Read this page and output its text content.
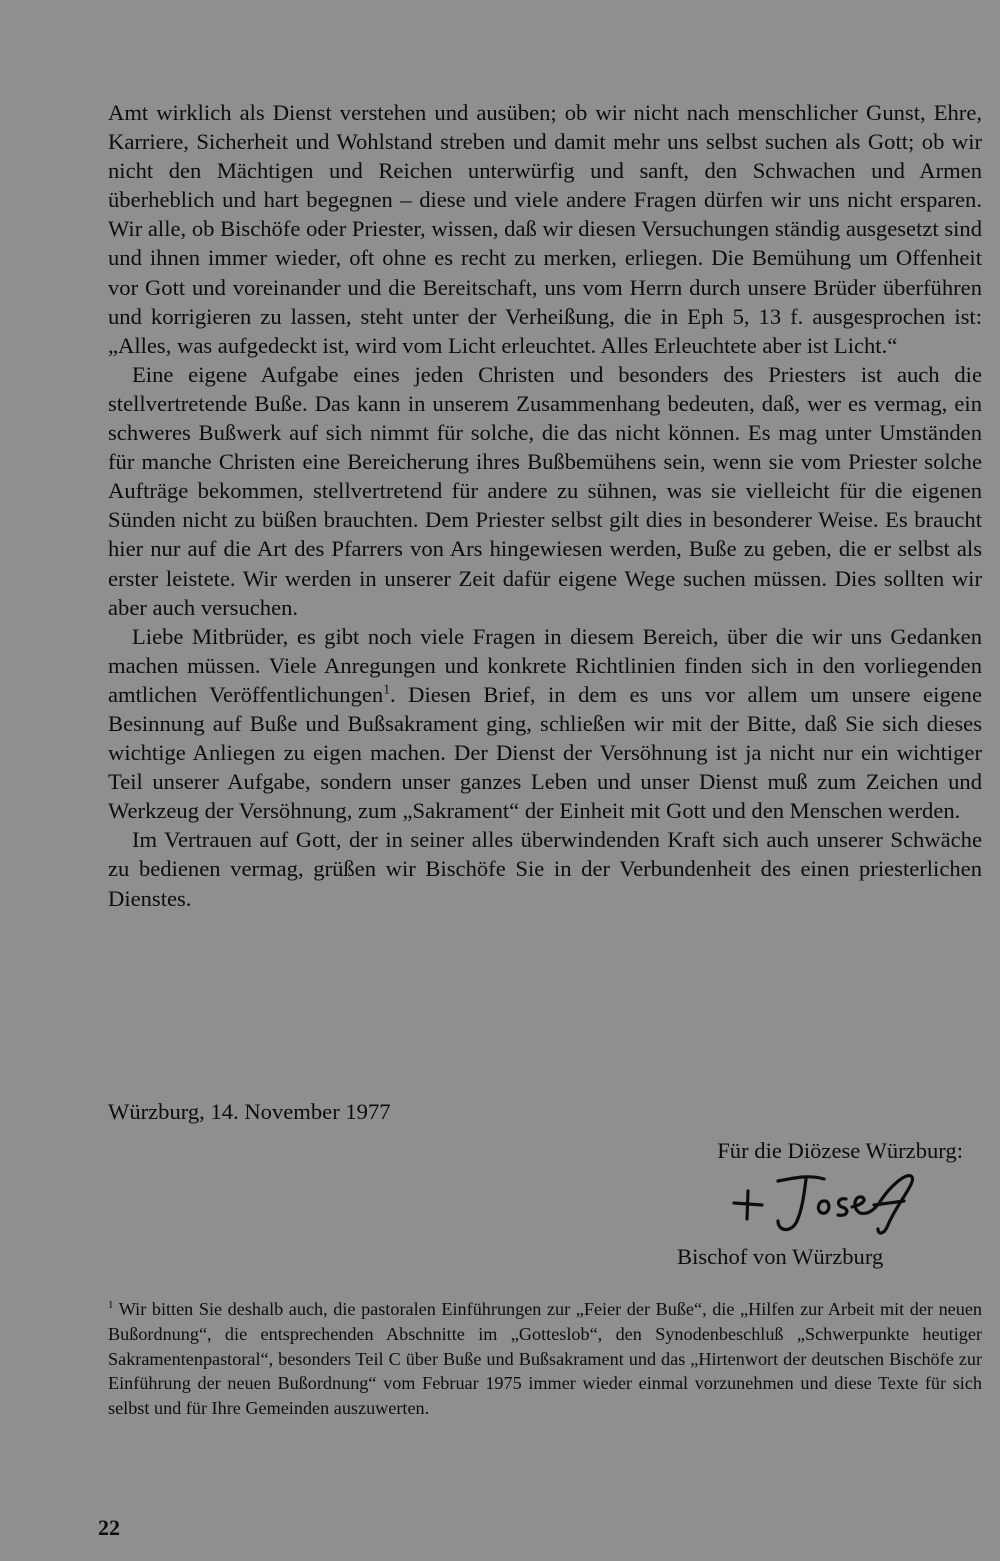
Amt wirklich als Dienst verstehen und ausüben; ob wir nicht nach menschlicher Gunst, Ehre, Karriere, Sicherheit und Wohlstand streben und damit mehr uns selbst suchen als Gott; ob wir nicht den Mächtigen und Reichen unterwürfig und sanft, den Schwachen und Armen überheblich und hart begegnen – diese und viele andere Fragen dürfen wir uns nicht ersparen. Wir alle, ob Bischöfe oder Priester, wissen, daß wir diesen Versuchungen ständig ausgesetzt sind und ihnen immer wieder, oft ohne es recht zu merken, erliegen. Die Bemühung um Offenheit vor Gott und voreinander und die Bereitschaft, uns vom Herrn durch unsere Brüder überführen und korrigieren zu lassen, steht unter der Verheißung, die in Eph 5, 13 f. ausgesprochen ist: „Alles, was aufgedeckt ist, wird vom Licht erleuchtet. Alles Erleuchtete aber ist Licht.“

Eine eigene Aufgabe eines jeden Christen und besonders des Priesters ist auch die stellvertretende Buße. Das kann in unserem Zusammenhang bedeuten, daß, wer es vermag, ein schweres Bußwerk auf sich nimmt für solche, die das nicht können. Es mag unter Umständen für manche Christen eine Bereicherung ihres Bußbemühens sein, wenn sie vom Priester solche Aufträge bekommen, stellvertretend für andere zu sühnen, was sie vielleicht für die eigenen Sünden nicht zu büßen brauchten. Dem Priester selbst gilt dies in besonderer Weise. Es braucht hier nur auf die Art des Pfarrers von Ars hingewiesen werden, Buße zu geben, die er selbst als erster leistete. Wir werden in unserer Zeit dafür eigene Wege suchen müssen. Dies sollten wir aber auch versuchen.

Liebe Mitbrüder, es gibt noch viele Fragen in diesem Bereich, über die wir uns Gedanken machen müssen. Viele Anregungen und konkrete Richtlinien finden sich in den vorliegenden amtlichen Veröffentlichungen$^1$. Diesen Brief, in dem es uns vor allem um unsere eigene Besinnung auf Buße und Bußsakrament ging, schließen wir mit der Bitte, daß Sie sich dieses wichtige Anliegen zu eigen machen. Der Dienst der Versöhnung ist ja nicht nur ein wichtiger Teil unserer Aufgabe, sondern unser ganzes Leben und unser Dienst muß zum Zeichen und Werkzeug der Versöhnung, zum „Sakrament“ der Einheit mit Gott und den Menschen werden.

Im Vertrauen auf Gott, der in seiner alles überwindenden Kraft sich auch unserer Schwäche zu bedienen vermag, grüßen wir Bischöfe Sie in der Verbundenheit des einen priesterlichen Dienstes.

Würzburg, 14. November 1977
Für die Diözese Würzburg:
Bischof von Würzburg

$^1$ Wir bitten Sie deshalb auch, die pastoralen Einführungen zur „Feier der Buße“, die „Hilfen zur Arbeit mit der neuen Bußordnung“, die entsprechenden Abschnitte im „Gotteslob“, den Synodenbeschluß „Schwerpunkte heutiger Sakramentenpastoral“, besonders Teil C über Buße und Bußsakrament und das „Hirtenwort der deutschen Bischöfe zur Einführung der neuen Bußordnung“ vom Februar 1975 immer wieder einmal vorzunehmen und diese Texte für sich selbst und für Ihre Gemeinden auszuwerten.

22
